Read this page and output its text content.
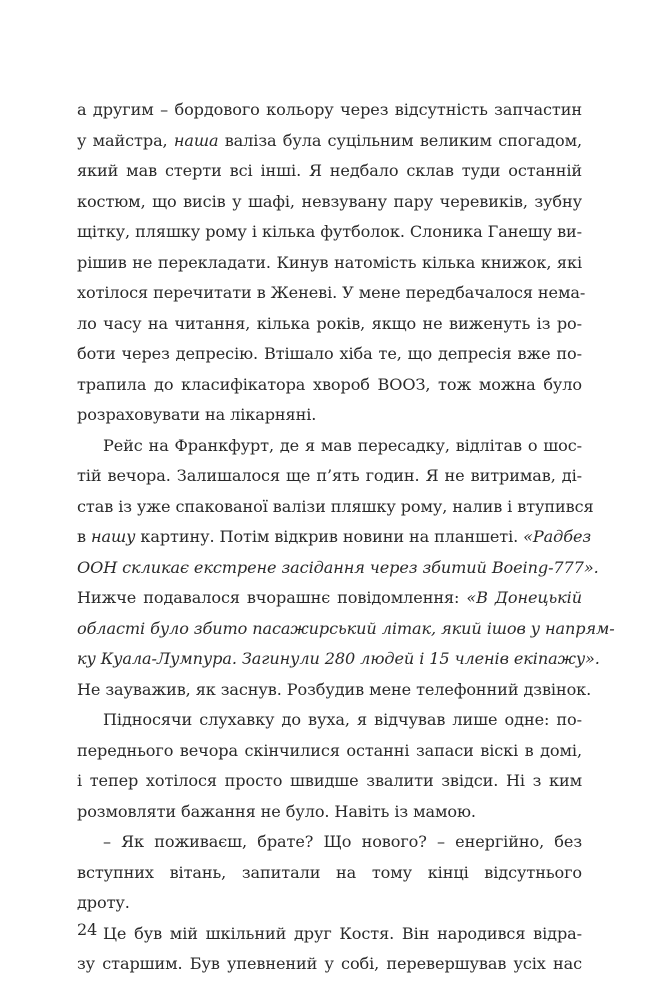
а другим – бордового кольору через відсутність запчастин
у майстра, наша валіза була суцільним великим спогадом,
який мав стерти всі інші. Я недбало склав туди останній
костюм, що висів у шафі, невзувану пару черевиків, зубну
щітку, пляшку рому і кілька футболок. Слоника Ганешу ви-
рішив не перекладати. Кинув натомість кілька книжок, які
хотілося перечитати в Женеві. У мене передбачалося нема-
ло часу на читання, кілька років, якщо не виженуть із ро-
боти через депресію. Втішало хіба те, що депресія вже по-
трапила до класифікатора хвороб ВООЗ, тож можна було
розраховувати на лікарняні.
Рейс на Франкфурт, де я мав пересадку, відлітав о шос-
тій вечора. Залишалося ще п’ять годин. Я не витримав, ді-
став із уже спакованої валізи пляшку рому, налив і втупився
в нашу картину. Потім відкрив новини на планшеті. «Радбез
ООН скликає екстрене засідання через збитий Boeing-777».
Нижче подавалося вчорашнє повідомлення: «В Донецькій
області було збито пасажирський літак, який ішов у напрям-
ку Куала-Лумпура. Загинули 280 людей і 15 членів екіпажу».
Не зауважив, як заснув. Розбудив мене телефонний дзвінок.
Підносячи слухавку до вуха, я відчував лише одне: по-
переднього вечора скінчилися останні запаси віскі в домі,
і тепер хотілося просто швидше звалити звідси. Ні з ким
розмовляти бажання не було. Навіть із мамою.
– Як поживаєш, брате? Що нового? – енергійно, без
вступних вітань, запитали на тому кінці відсутнього
дроту.
Це був мій шкільний друг Костя. Він народився відра-
зу старшим. Був упевнений у собі, перевершував усіх нас
24
